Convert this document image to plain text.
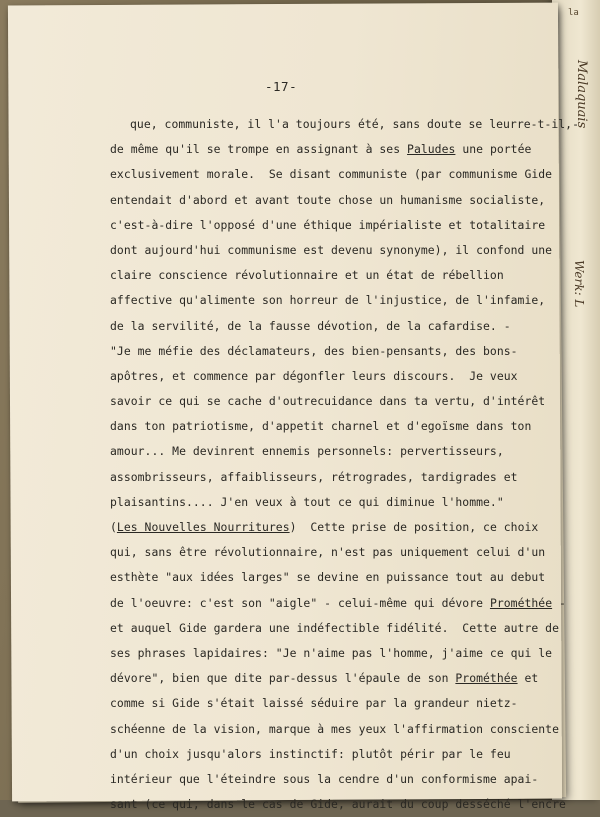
la
Malaquais
Werk: L
-17-
que, communiste, il l'a toujours été, sans doute se leurre-t-il,-
de même qu'il se trompe en assignant à ses Paludes une portée
exclusivement morale.  Se disant communiste (par communisme Gide
entendait d'abord et avant toute chose un humanisme socialiste,
c'est-à-dire l'opposé d'une éthique impérialiste et totalitaire
dont aujourd'hui communisme est devenu synonyme), il confond une
claire conscience révolutionnaire et un état de rébellion
affective qu'alimente son horreur de l'injustice, de l'infamie,
de la servilité, de la fausse dévotion, de la cafardise. -
"Je me méfie des déclamateurs, des bien-pensants, des bons-
apôtres, et commence par dégonfler leurs discours.  Je veux
savoir ce qui se cache d'outrecuidance dans ta vertu, d'intérêt
dans ton patriotisme, d'appetit charnel et d'egoïsme dans ton
amour... Me devinrent ennemis personnels: pervertisseurs,
assombrisseurs, affaiblisseurs, rétrogrades, tardigrades et
plaisantins.... J'en veux à tout ce qui diminue l'homme."
(Les Nouvelles Nourritures)  Cette prise de position, ce choix
qui, sans être révolutionnaire, n'est pas uniquement celui d'un
esthète "aux idées larges" se devine en puissance tout au debut
de l'oeuvre: c'est son "aigle" - celui-même qui dévore Prométhée -
et auquel Gide gardera une indéfectible fidélité.  Cette autre de
ses phrases lapidaires: "Je n'aime pas l'homme, j'aime ce qui le
dévore", bien que dite par-dessus l'épaule de son Prométhée et
comme si Gide s'était laissé séduire par la grandeur nietz-
schéenne de la vision, marque à mes yeux l'affirmation consciente
d'un choix jusqu'alors instinctif: plutôt périr par le feu
intérieur que l'éteindre sous la cendre d'un conformisme apai-
sant (ce qui, dans le cas de Gide, aurait du coup desséché l'encre
